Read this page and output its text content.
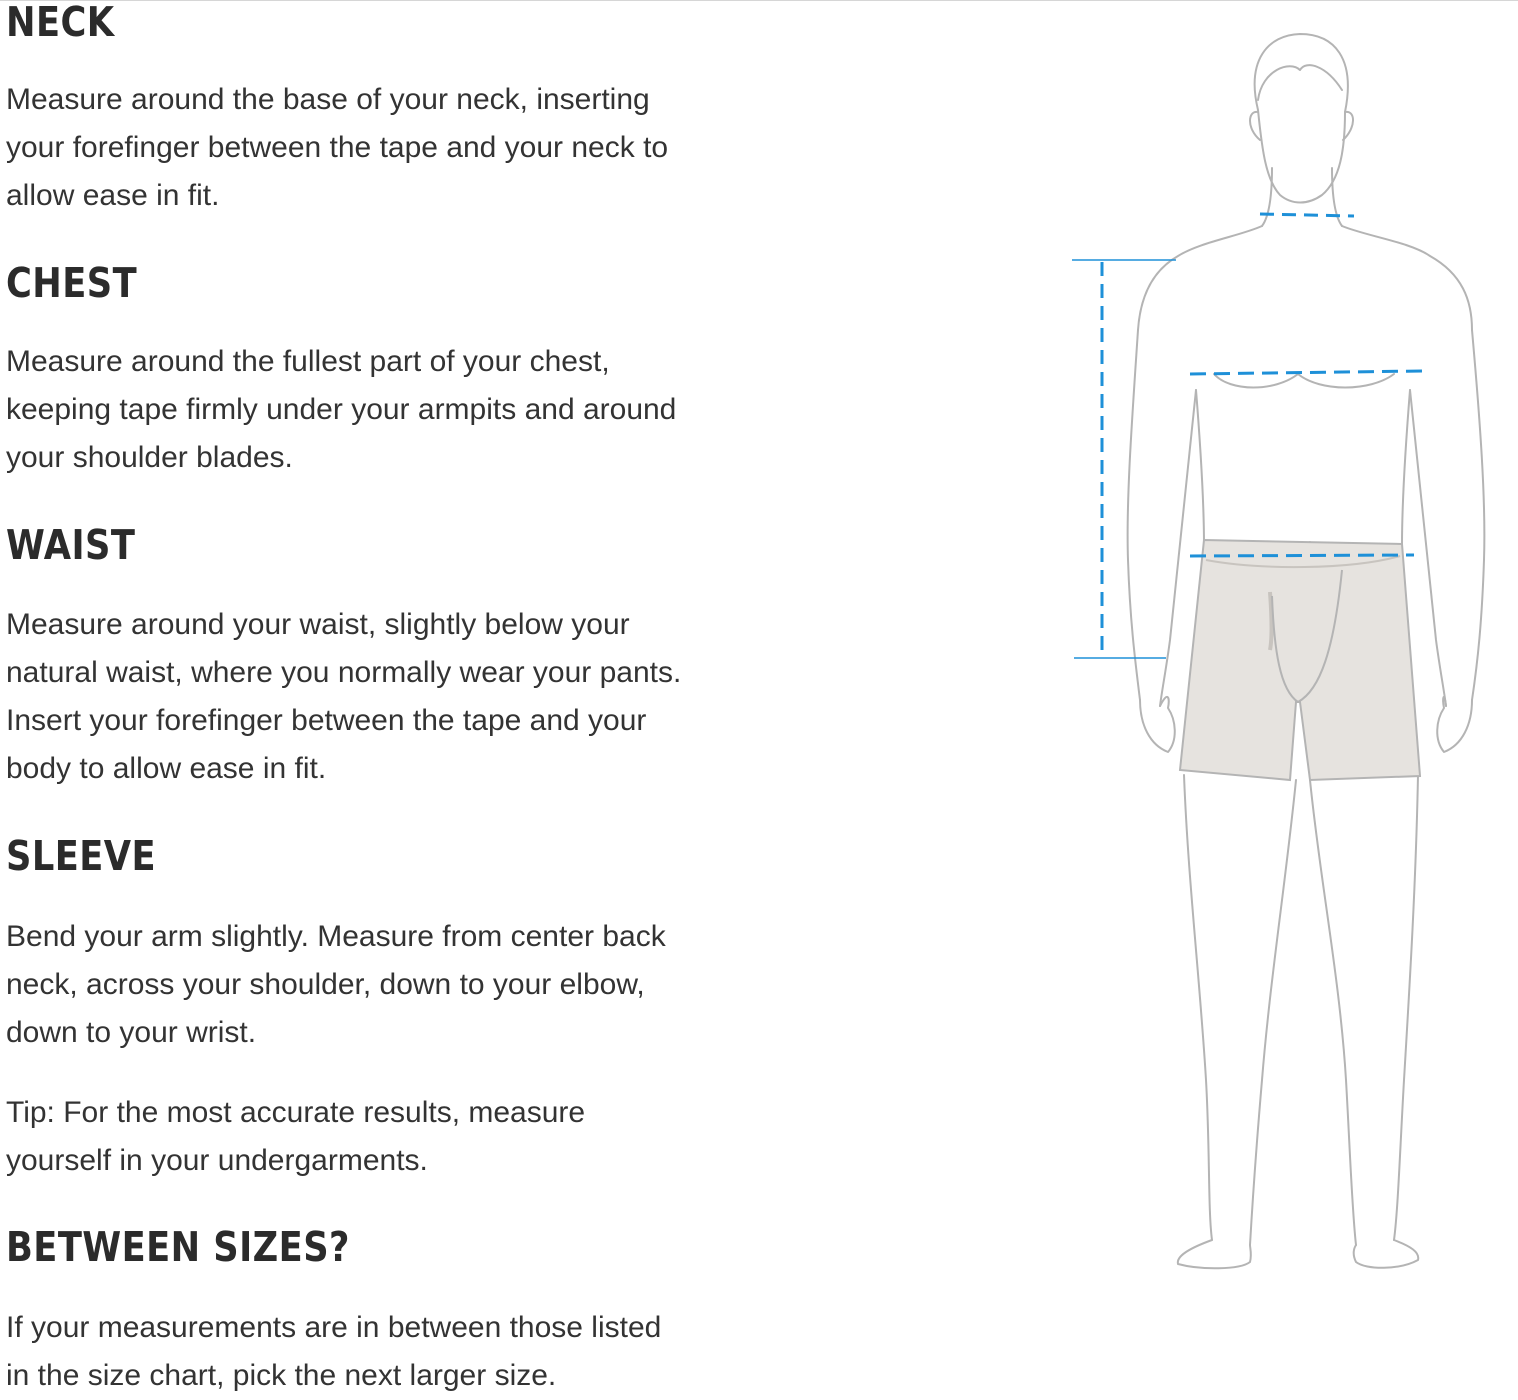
NECK

Measure around the base of your neck, inserting
your forefinger between the tape and your neck to
allow ease in fit.

CHEST

Measure around the fullest part of your chest,
keeping tape firmly under your armpits and around
your shoulder blades.

WAIST

Measure around your waist, slightly below your
natural waist, where you normally wear your pants.
Insert your forefinger between the tape and your
body to allow ease in fit.

SLEEVE

Bend your arm slightly. Measure from center back
neck, across your shoulder, down to your elbow,
down to your wrist.

Tip: For the most accurate results, measure
yourself in your undergarments.

BETWEEN SIZES?

If your measurements are in between those listed
in the size chart, pick the next larger size.
